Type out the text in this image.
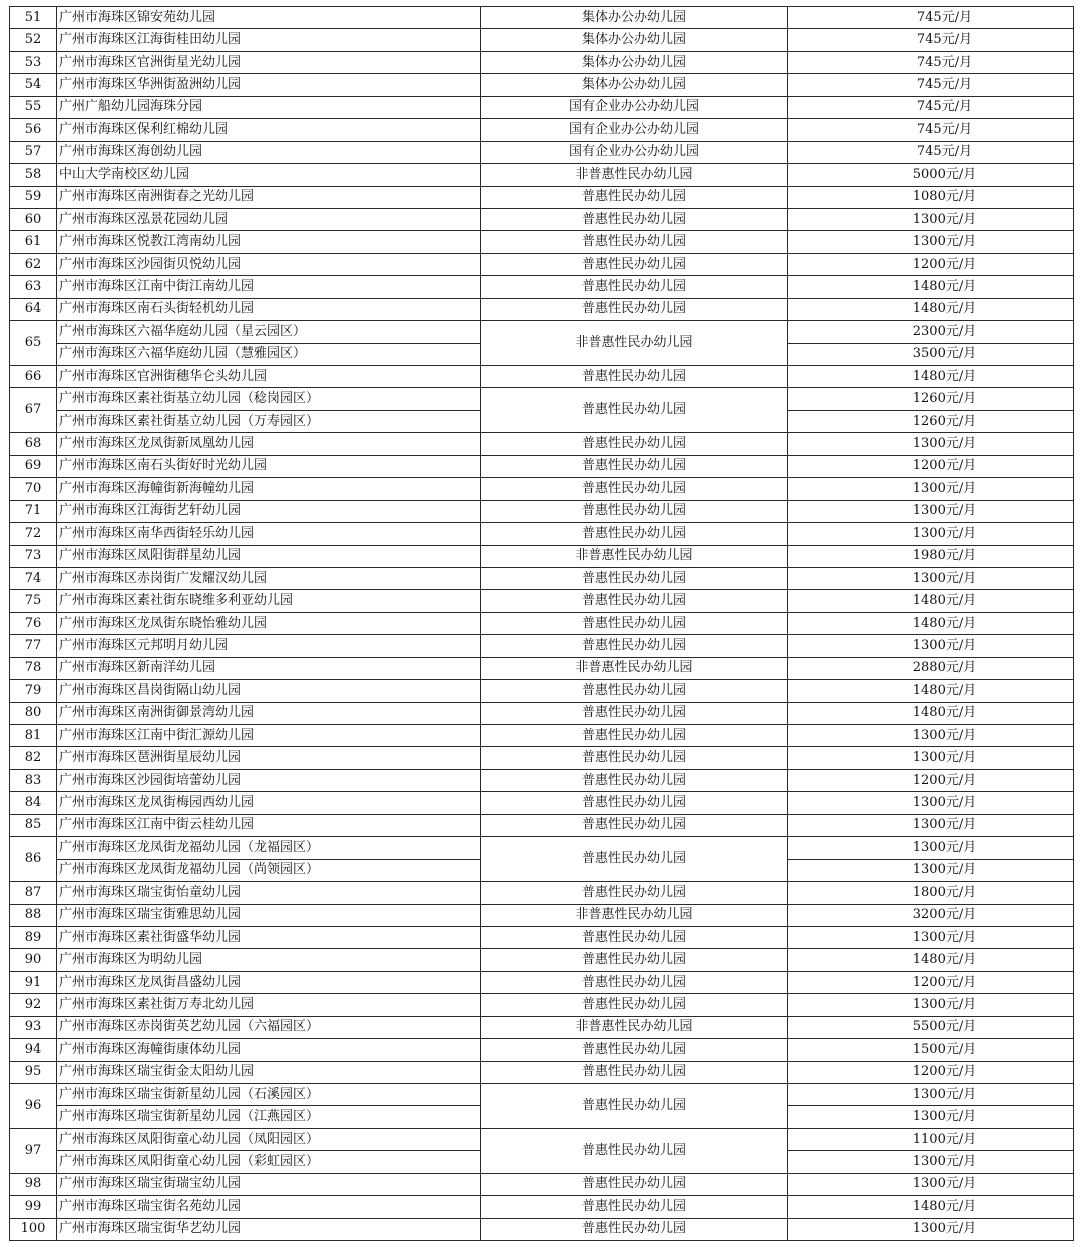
51	广州市海珠区锦安苑幼儿园	集体办公办幼儿园	745元/月
52	广州市海珠区江海街桂田幼儿园	集体办公办幼儿园	745元/月
53	广州市海珠区官洲街星光幼儿园	集体办公办幼儿园	745元/月
54	广州市海珠区华洲街盈洲幼儿园	集体办公办幼儿园	745元/月
55	广州广船幼儿园海珠分园	国有企业办公办幼儿园	745元/月
56	广州市海珠区保利红棉幼儿园	国有企业办公办幼儿园	745元/月
57	广州市海珠区海创幼儿园	国有企业办公办幼儿园	745元/月
58	中山大学南校区幼儿园	非普惠性民办幼儿园	5000元/月
59	广州市海珠区南洲街春之光幼儿园	普惠性民办幼儿园	1080元/月
60	广州市海珠区泓景花园幼儿园	普惠性民办幼儿园	1300元/月
61	广州市海珠区悦教江湾南幼儿园	普惠性民办幼儿园	1300元/月
62	广州市海珠区沙园街贝悦幼儿园	普惠性民办幼儿园	1200元/月
63	广州市海珠区江南中街江南幼儿园	普惠性民办幼儿园	1480元/月
64	广州市海珠区南石头街轻机幼儿园	普惠性民办幼儿园	1480元/月
65	广州市海珠区六福华庭幼儿园（星云园区）	非普惠性民办幼儿园	2300元/月
	广州市海珠区六福华庭幼儿园（慧雅园区）		3500元/月
66	广州市海珠区官洲街穗华仑头幼儿园	普惠性民办幼儿园	1480元/月
67	广州市海珠区素社街基立幼儿园（稔岗园区）	普惠性民办幼儿园	1260元/月
	广州市海珠区素社街基立幼儿园（万寿园区）		1260元/月
68	广州市海珠区龙凤街新凤凰幼儿园	普惠性民办幼儿园	1300元/月
69	广州市海珠区南石头街好时光幼儿园	普惠性民办幼儿园	1200元/月
70	广州市海珠区海幢街新海幢幼儿园	普惠性民办幼儿园	1300元/月
71	广州市海珠区江海街艺轩幼儿园	普惠性民办幼儿园	1300元/月
72	广州市海珠区南华西街轻乐幼儿园	普惠性民办幼儿园	1300元/月
73	广州市海珠区凤阳街群星幼儿园	非普惠性民办幼儿园	1980元/月
74	广州市海珠区赤岗街广发耀汉幼儿园	普惠性民办幼儿园	1300元/月
75	广州市海珠区素社街东晓维多利亚幼儿园	普惠性民办幼儿园	1480元/月
76	广州市海珠区龙凤街东晓怡雅幼儿园	普惠性民办幼儿园	1480元/月
77	广州市海珠区元邦明月幼儿园	普惠性民办幼儿园	1300元/月
78	广州市海珠区新南洋幼儿园	非普惠性民办幼儿园	2880元/月
79	广州市海珠区昌岗街隔山幼儿园	普惠性民办幼儿园	1480元/月
80	广州市海珠区南洲街御景湾幼儿园	普惠性民办幼儿园	1480元/月
81	广州市海珠区江南中街汇源幼儿园	普惠性民办幼儿园	1300元/月
82	广州市海珠区琶洲街星辰幼儿园	普惠性民办幼儿园	1300元/月
83	广州市海珠区沙园街培蕾幼儿园	普惠性民办幼儿园	1200元/月
84	广州市海珠区龙凤街梅园西幼儿园	普惠性民办幼儿园	1300元/月
85	广州市海珠区江南中街云桂幼儿园	普惠性民办幼儿园	1300元/月
86	广州市海珠区龙凤街龙福幼儿园（龙福园区）	普惠性民办幼儿园	1300元/月
	广州市海珠区龙凤街龙福幼儿园（尚领园区）		1300元/月
87	广州市海珠区瑞宝街怡童幼儿园	普惠性民办幼儿园	1800元/月
88	广州市海珠区瑞宝街雅思幼儿园	非普惠性民办幼儿园	3200元/月
89	广州市海珠区素社街盛华幼儿园	普惠性民办幼儿园	1300元/月
90	广州市海珠区为明幼儿园	普惠性民办幼儿园	1480元/月
91	广州市海珠区龙凤街昌盛幼儿园	普惠性民办幼儿园	1200元/月
92	广州市海珠区素社街万寿北幼儿园	普惠性民办幼儿园	1300元/月
93	广州市海珠区赤岗街英艺幼儿园（六福园区）	非普惠性民办幼儿园	5500元/月
94	广州市海珠区海幢街康体幼儿园	普惠性民办幼儿园	1500元/月
95	广州市海珠区瑞宝街金太阳幼儿园	普惠性民办幼儿园	1200元/月
96	广州市海珠区瑞宝街新星幼儿园（石溪园区）	普惠性民办幼儿园	1300元/月
	广州市海珠区瑞宝街新星幼儿园（江燕园区）		1300元/月
97	广州市海珠区凤阳街童心幼儿园（凤阳园区）	普惠性民办幼儿园	1100元/月
	广州市海珠区凤阳街童心幼儿园（彩虹园区）		1300元/月
98	广州市海珠区瑞宝街瑞宝幼儿园	普惠性民办幼儿园	1300元/月
99	广州市海珠区瑞宝街名苑幼儿园	普惠性民办幼儿园	1480元/月
100	广州市海珠区瑞宝街华艺幼儿园	普惠性民办幼儿园	1300元/月
